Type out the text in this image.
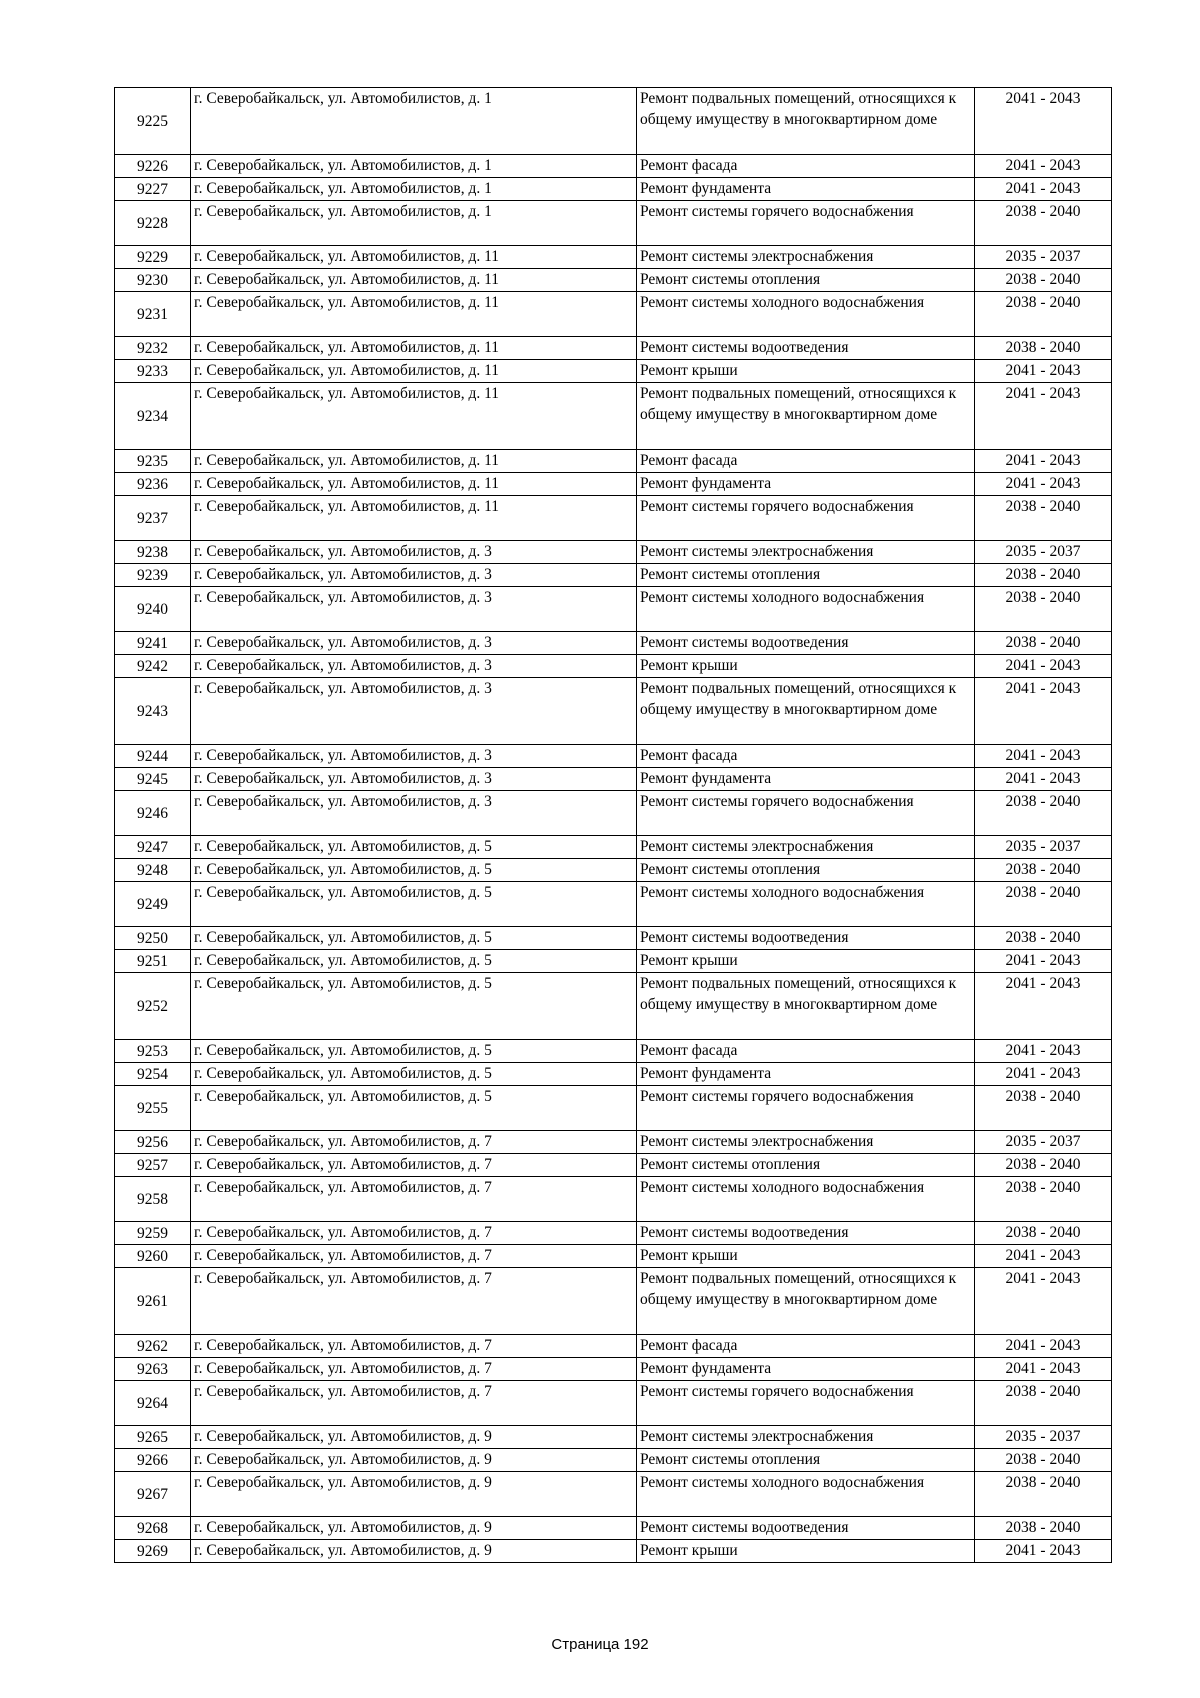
9225	г. Северобайкальск, ул. Автомобилистов, д. 1	Ремонт подвальных помещений, относящихся к общему имуществу в многоквартирном доме	2041 - 2043
9226	г. Северобайкальск, ул. Автомобилистов, д. 1	Ремонт фасада	2041 - 2043
9227	г. Северобайкальск, ул. Автомобилистов, д. 1	Ремонт фундамента	2041 - 2043
9228	г. Северобайкальск, ул. Автомобилистов, д. 1	Ремонт системы горячего водоснабжения	2038 - 2040
9229	г. Северобайкальск, ул. Автомобилистов, д. 11	Ремонт системы электроснабжения	2035 - 2037
9230	г. Северобайкальск, ул. Автомобилистов, д. 11	Ремонт системы отопления	2038 - 2040
9231	г. Северобайкальск, ул. Автомобилистов, д. 11	Ремонт системы холодного водоснабжения	2038 - 2040
9232	г. Северобайкальск, ул. Автомобилистов, д. 11	Ремонт системы водоотведения	2038 - 2040
9233	г. Северобайкальск, ул. Автомобилистов, д. 11	Ремонт крыши	2041 - 2043
9234	г. Северобайкальск, ул. Автомобилистов, д. 11	Ремонт подвальных помещений, относящихся к общему имуществу в многоквартирном доме	2041 - 2043
9235	г. Северобайкальск, ул. Автомобилистов, д. 11	Ремонт фасада	2041 - 2043
9236	г. Северобайкальск, ул. Автомобилистов, д. 11	Ремонт фундамента	2041 - 2043
9237	г. Северобайкальск, ул. Автомобилистов, д. 11	Ремонт системы горячего водоснабжения	2038 - 2040
9238	г. Северобайкальск, ул. Автомобилистов, д. 3	Ремонт системы электроснабжения	2035 - 2037
9239	г. Северобайкальск, ул. Автомобилистов, д. 3	Ремонт системы отопления	2038 - 2040
9240	г. Северобайкальск, ул. Автомобилистов, д. 3	Ремонт системы холодного водоснабжения	2038 - 2040
9241	г. Северобайкальск, ул. Автомобилистов, д. 3	Ремонт системы водоотведения	2038 - 2040
9242	г. Северобайкальск, ул. Автомобилистов, д. 3	Ремонт крыши	2041 - 2043
9243	г. Северобайкальск, ул. Автомобилистов, д. 3	Ремонт подвальных помещений, относящихся к общему имуществу в многоквартирном доме	2041 - 2043
9244	г. Северобайкальск, ул. Автомобилистов, д. 3	Ремонт фасада	2041 - 2043
9245	г. Северобайкальск, ул. Автомобилистов, д. 3	Ремонт фундамента	2041 - 2043
9246	г. Северобайкальск, ул. Автомобилистов, д. 3	Ремонт системы горячего водоснабжения	2038 - 2040
9247	г. Северобайкальск, ул. Автомобилистов, д. 5	Ремонт системы электроснабжения	2035 - 2037
9248	г. Северобайкальск, ул. Автомобилистов, д. 5	Ремонт системы отопления	2038 - 2040
9249	г. Северобайкальск, ул. Автомобилистов, д. 5	Ремонт системы холодного водоснабжения	2038 - 2040
9250	г. Северобайкальск, ул. Автомобилистов, д. 5	Ремонт системы водоотведения	2038 - 2040
9251	г. Северобайкальск, ул. Автомобилистов, д. 5	Ремонт крыши	2041 - 2043
9252	г. Северобайкальск, ул. Автомобилистов, д. 5	Ремонт подвальных помещений, относящихся к общему имуществу в многоквартирном доме	2041 - 2043
9253	г. Северобайкальск, ул. Автомобилистов, д. 5	Ремонт фасада	2041 - 2043
9254	г. Северобайкальск, ул. Автомобилистов, д. 5	Ремонт фундамента	2041 - 2043
9255	г. Северобайкальск, ул. Автомобилистов, д. 5	Ремонт системы горячего водоснабжения	2038 - 2040
9256	г. Северобайкальск, ул. Автомобилистов, д. 7	Ремонт системы электроснабжения	2035 - 2037
9257	г. Северобайкальск, ул. Автомобилистов, д. 7	Ремонт системы отопления	2038 - 2040
9258	г. Северобайкальск, ул. Автомобилистов, д. 7	Ремонт системы холодного водоснабжения	2038 - 2040
9259	г. Северобайкальск, ул. Автомобилистов, д. 7	Ремонт системы водоотведения	2038 - 2040
9260	г. Северобайкальск, ул. Автомобилистов, д. 7	Ремонт крыши	2041 - 2043
9261	г. Северобайкальск, ул. Автомобилистов, д. 7	Ремонт подвальных помещений, относящихся к общему имуществу в многоквартирном доме	2041 - 2043
9262	г. Северобайкальск, ул. Автомобилистов, д. 7	Ремонт фасада	2041 - 2043
9263	г. Северобайкальск, ул. Автомобилистов, д. 7	Ремонт фундамента	2041 - 2043
9264	г. Северобайкальск, ул. Автомобилистов, д. 7	Ремонт системы горячего водоснабжения	2038 - 2040
9265	г. Северобайкальск, ул. Автомобилистов, д. 9	Ремонт системы электроснабжения	2035 - 2037
9266	г. Северобайкальск, ул. Автомобилистов, д. 9	Ремонт системы отопления	2038 - 2040
9267	г. Северобайкальск, ул. Автомобилистов, д. 9	Ремонт системы холодного водоснабжения	2038 - 2040
9268	г. Северобайкальск, ул. Автомобилистов, д. 9	Ремонт системы водоотведения	2038 - 2040
9269	г. Северобайкальск, ул. Автомобилистов, д. 9	Ремонт крыши	2041 - 2043
Страница 192
